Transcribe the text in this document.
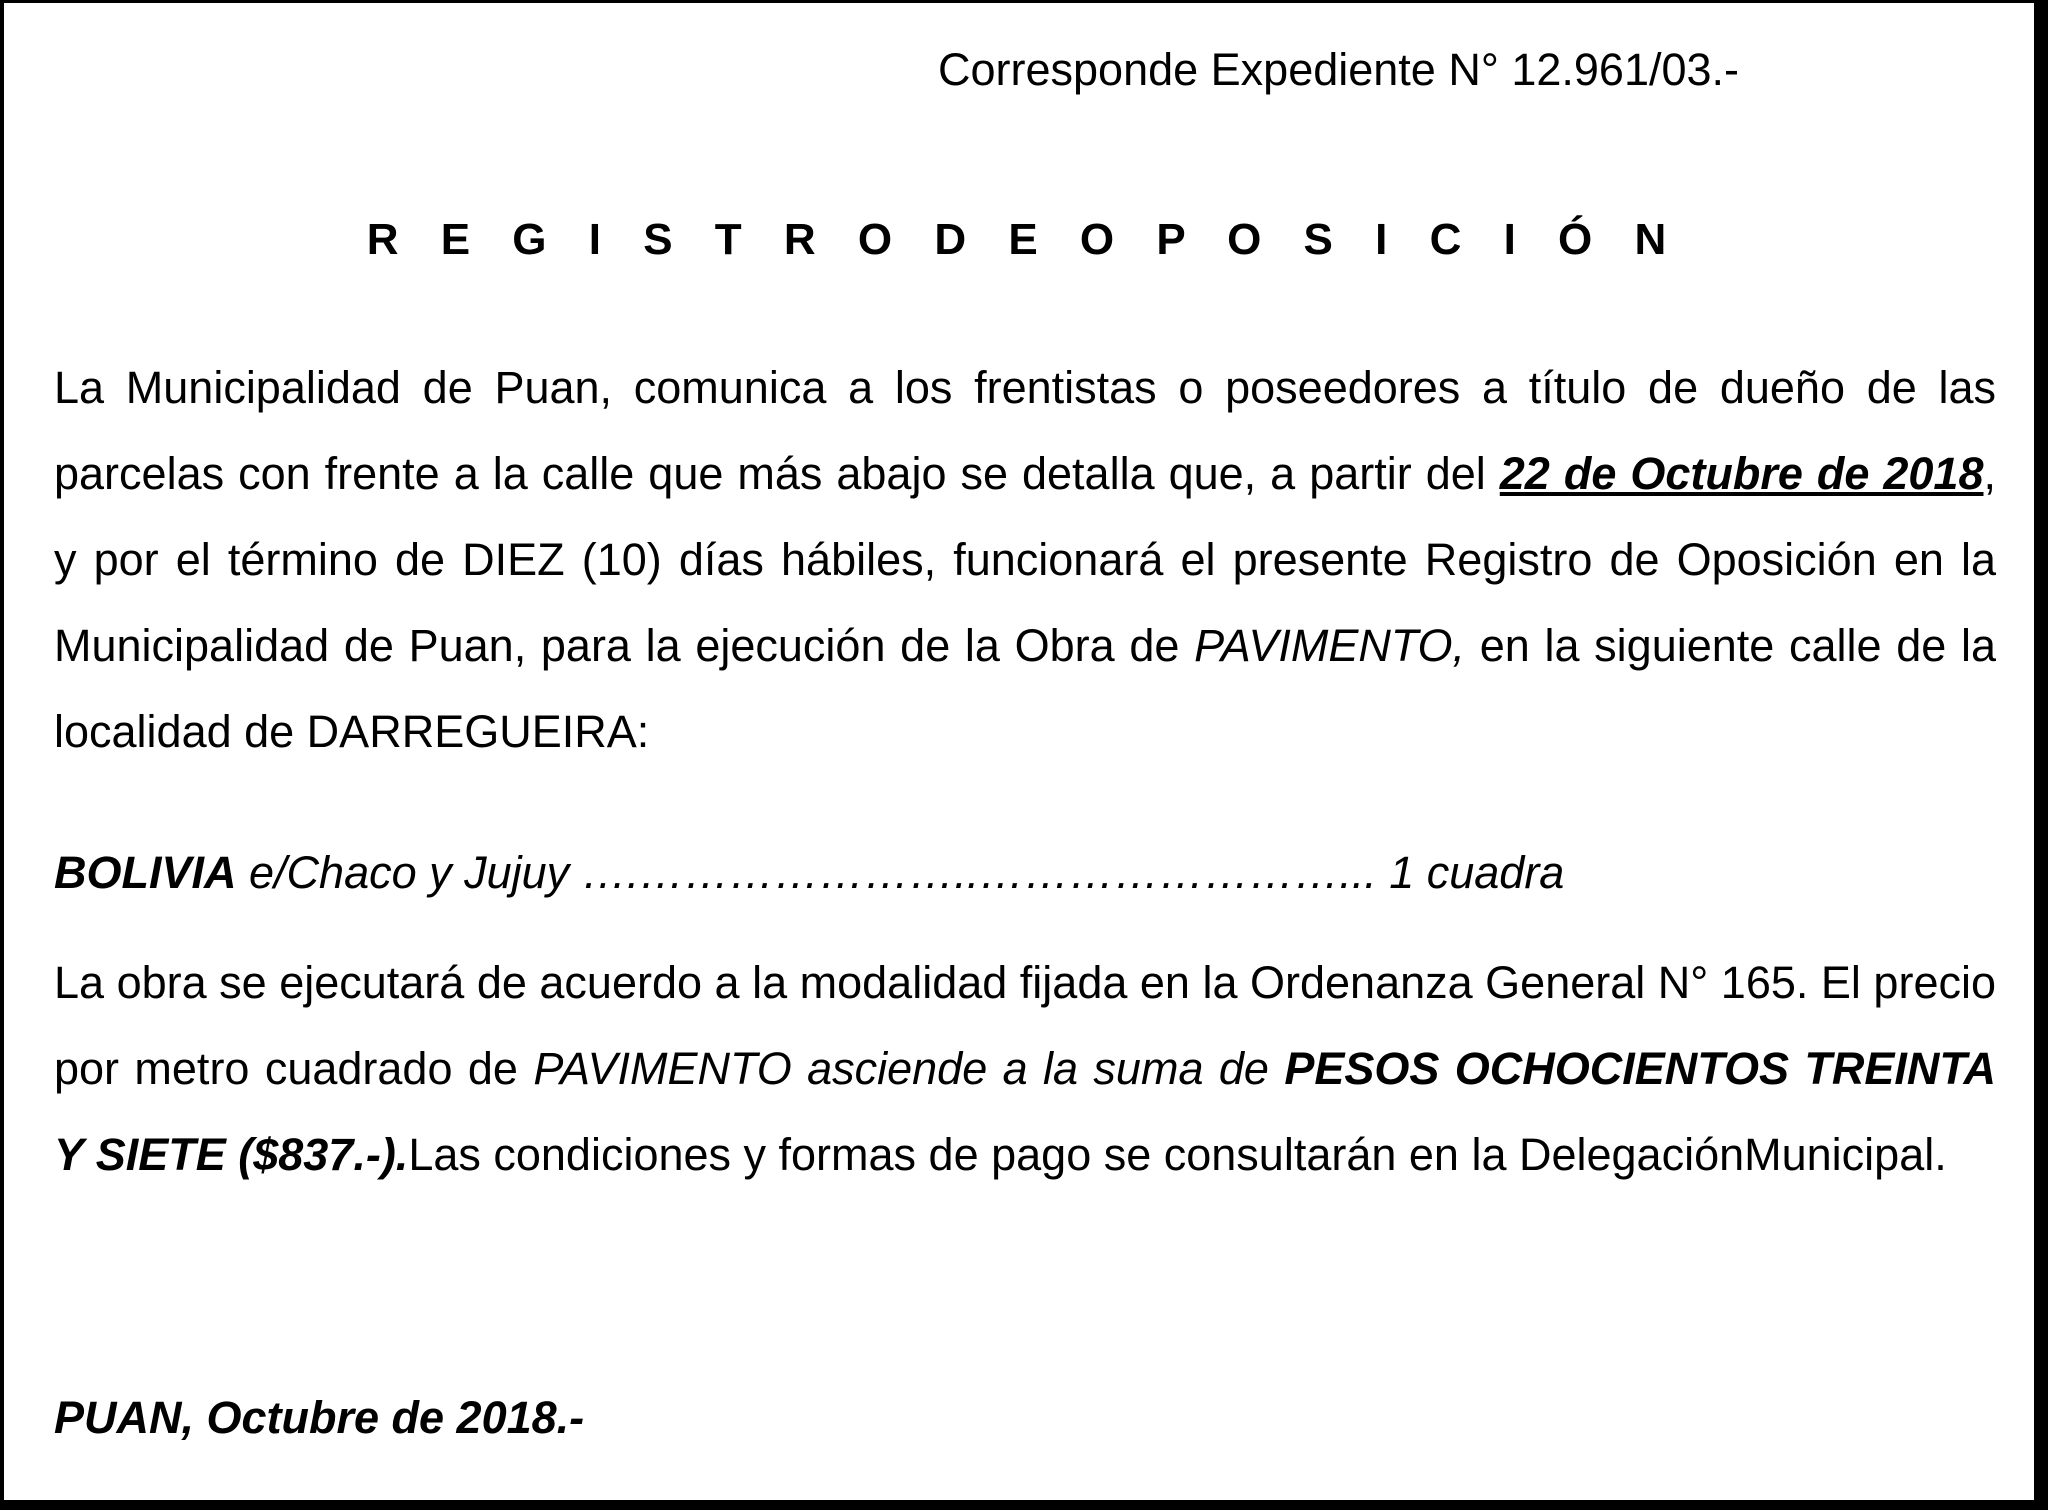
Corresponde Expediente N° 12.961/03.-
R E G I S T R O D E O P O S I C I Ó N

La Municipalidad de Puan, comunica a los frentistas o poseedores a título de dueño de las parcelas con frente a la calle que más abajo se detalla que, a partir del 22 de Octubre de 2018, y por el término de DIEZ (10) días hábiles, funcionará el presente Registro de Oposición en la Municipalidad de Puan, para la ejecución de la Obra de PAVIMENTO, en la siguiente calle de la localidad de DARREGUEIRA:

BOLIVIA e/Chaco y Jujuy ….…………………..……………………... 1 cuadra

La obra se ejecutará de acuerdo a la modalidad fijada en la Ordenanza General N° 165. El precio por metro cuadrado de PAVIMENTO asciende a la suma de PESOS OCHOCIENTOS TREINTA Y SIETE ($837.-).Las condiciones y formas de pago se consultarán en la DelegaciónMunicipal.

PUAN, Octubre de 2018.-
